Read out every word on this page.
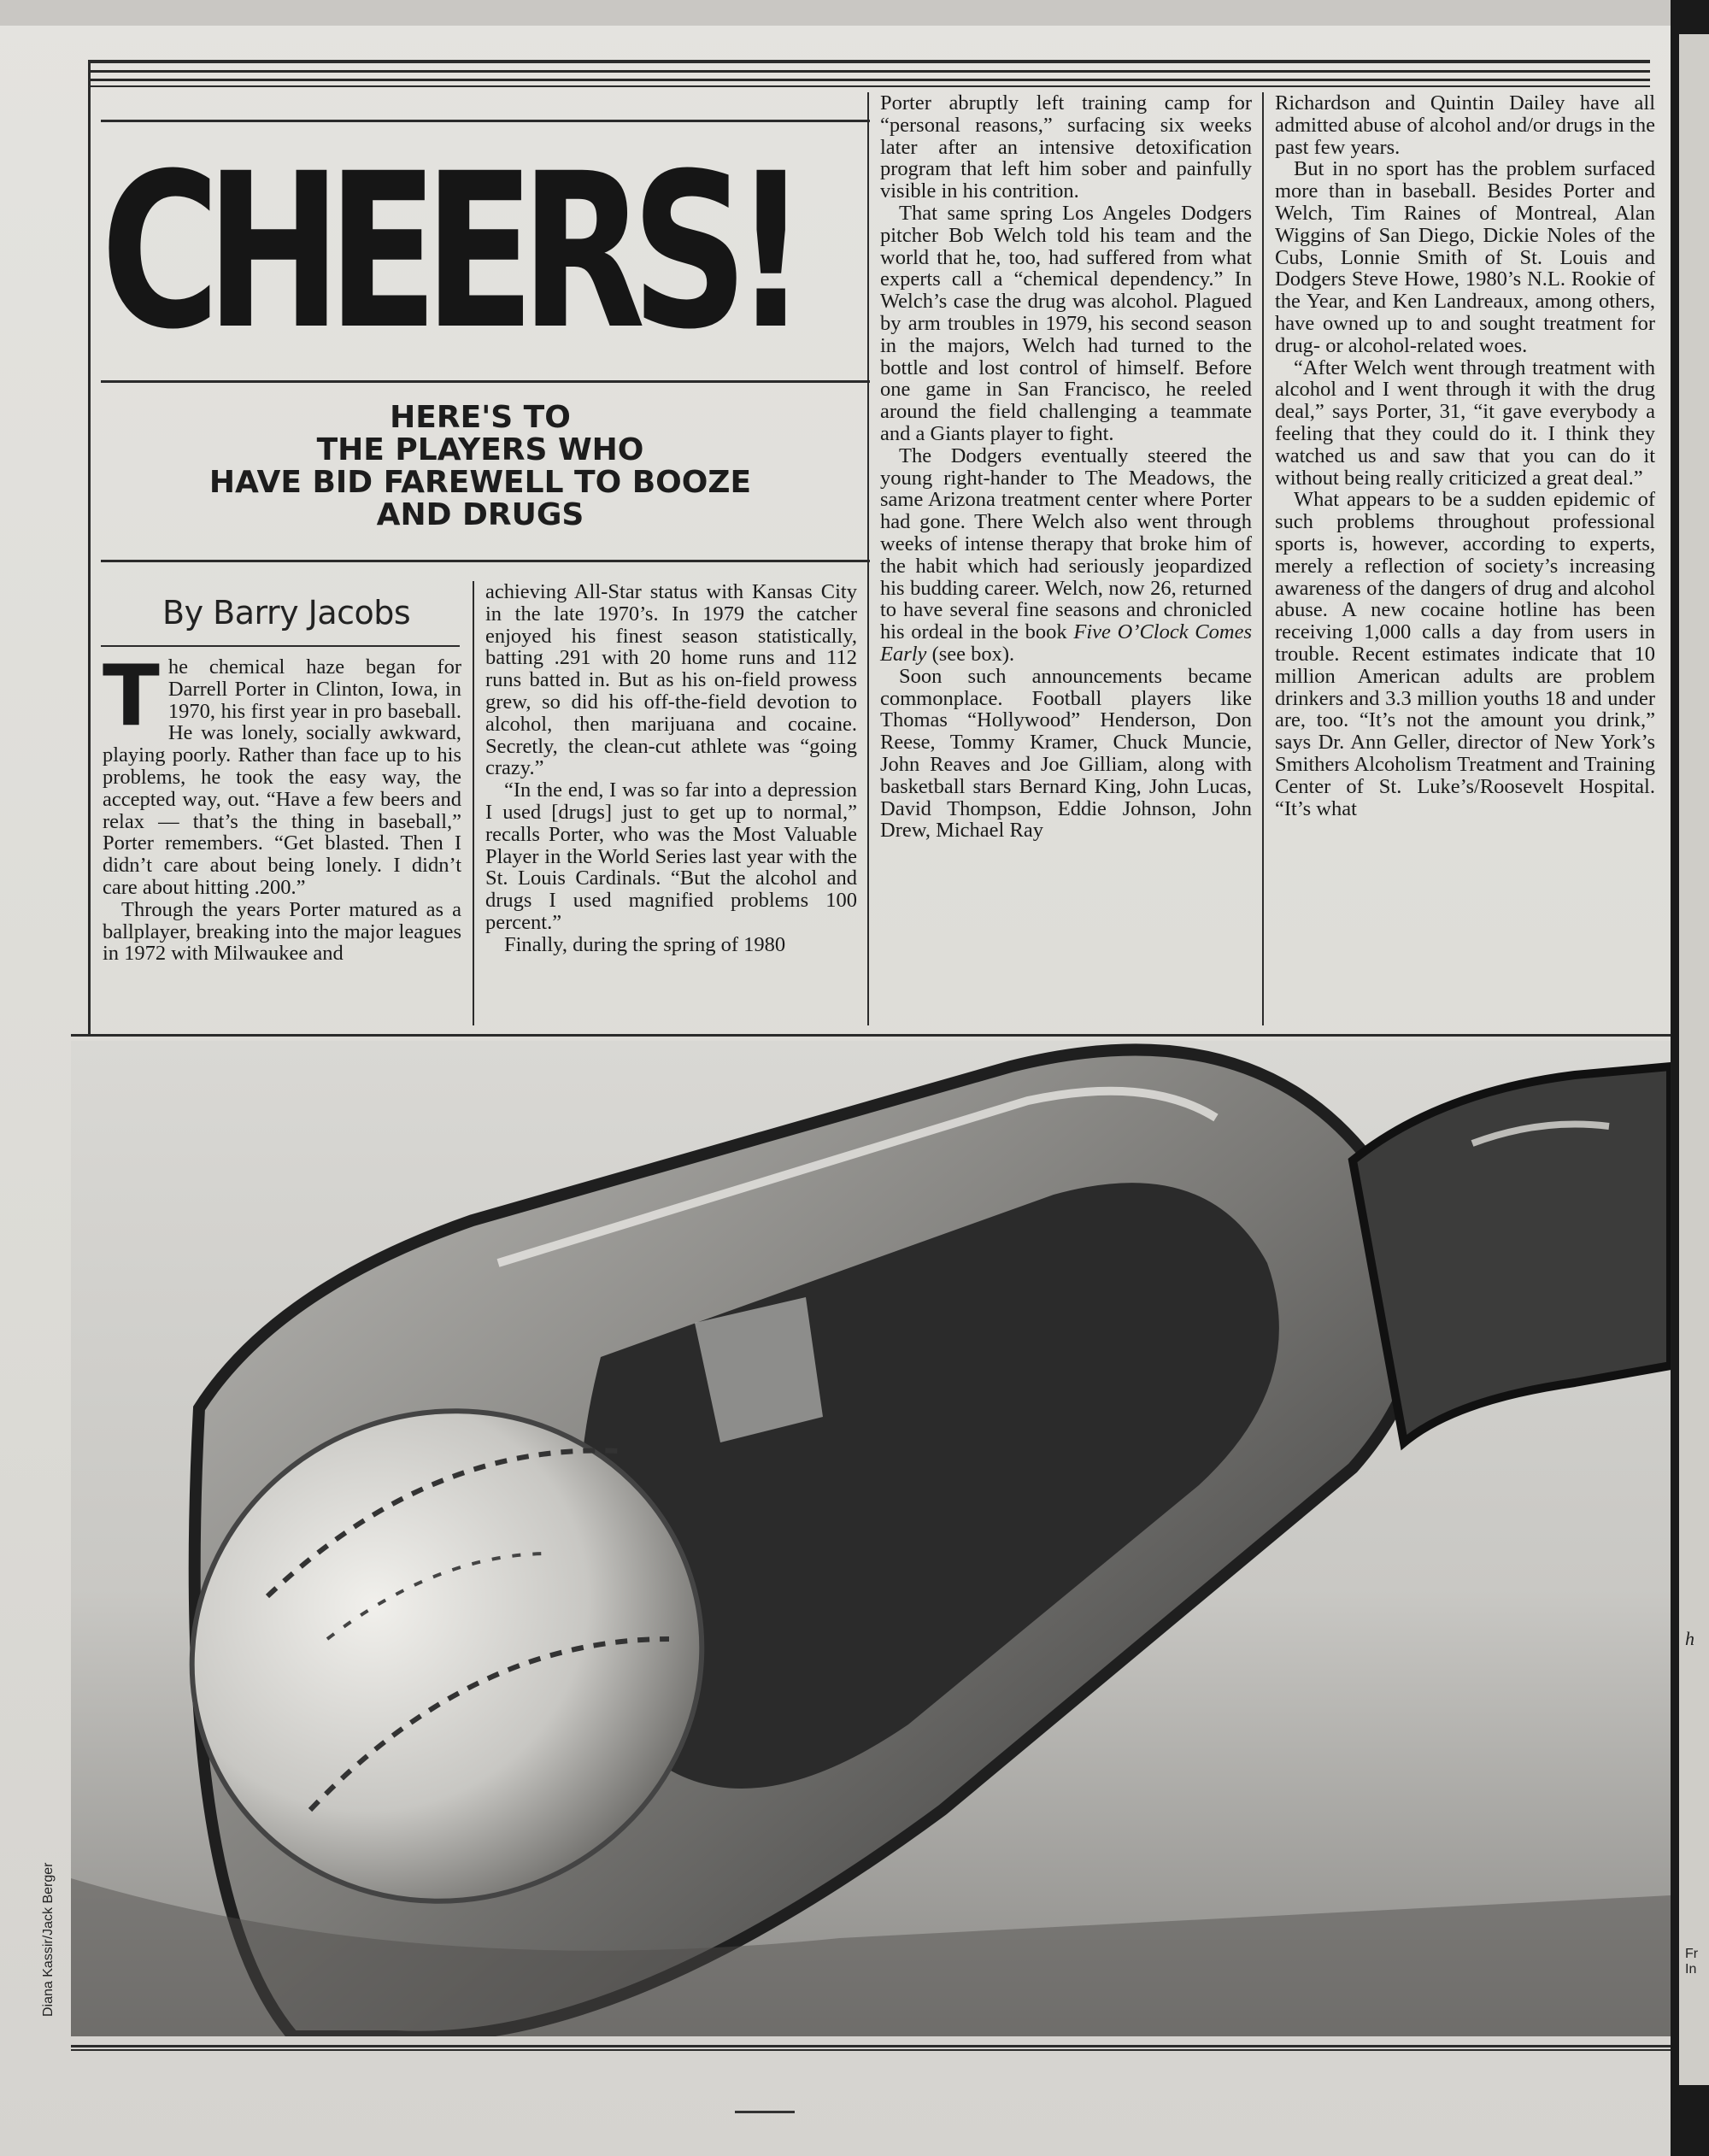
CHEERS!
HERE'S TO
THE PLAYERS WHO
HAVE BID FAREWELL TO BOOZE
AND DRUGS
By Barry Jacobs

The chemical haze began for Darrell Porter in Clinton, Iowa, in 1970, his first year in pro baseball. He was lonely, socially awkward, playing poorly. Rather than face up to his problems, he took the easy way, the accepted way, out. “Have a few beers and relax — that’s the thing in baseball,” Porter remembers. “Get blasted. Then I didn’t care about being lonely. I didn’t care about hitting .200.”

Through the years Porter matured as a ballplayer, breaking into the major leagues in 1972 with Milwaukee and

achieving All-Star status with Kansas City in the late 1970’s. In 1979 the catcher enjoyed his finest season statistically, batting .291 with 20 home runs and 112 runs batted in. But as his on-field prowess grew, so did his off-the-field devotion to alcohol, then marijuana and cocaine. Secretly, the clean-cut athlete was “going crazy.”

“In the end, I was so far into a depression I used [drugs] just to get up to normal,” recalls Porter, who was the Most Valuable Player in the World Series last year with the St. Louis Cardinals. “But the alcohol and drugs I used magnified problems 100 percent.”

Finally, during the spring of 1980

Porter abruptly left training camp for “personal reasons,” surfacing six weeks later after an intensive detoxification program that left him sober and painfully visible in his contrition.

That same spring Los Angeles Dodgers pitcher Bob Welch told his team and the world that he, too, had suffered from what experts call a “chemical dependency.” In Welch’s case the drug was alcohol. Plagued by arm troubles in 1979, his second season in the majors, Welch had turned to the bottle and lost control of himself. Before one game in San Francisco, he reeled around the field challenging a teammate and a Giants player to fight.

The Dodgers eventually steered the young right-hander to The Meadows, the same Arizona treatment center where Porter had gone. There Welch also went through weeks of intense therapy that broke him of the habit which had seriously jeopardized his budding career. Welch, now 26, returned to have several fine seasons and chronicled his ordeal in the book Five O’Clock Comes Early (see box).

Soon such announcements became commonplace. Football players like Thomas “Hollywood” Henderson, Don Reese, Tommy Kramer, Chuck Muncie, John Reaves and Joe Gilliam, along with basketball stars Bernard King, John Lucas, David Thompson, Eddie Johnson, John Drew, Michael Ray

Richardson and Quintin Dailey have all admitted abuse of alcohol and/or drugs in the past few years.

But in no sport has the problem surfaced more than in baseball. Besides Porter and Welch, Tim Raines of Montreal, Alan Wiggins of San Diego, Dickie Noles of the Cubs, Lonnie Smith of St. Louis and Dodgers Steve Howe, 1980’s N.L. Rookie of the Year, and Ken Landreaux, among others, have owned up to and sought treatment for drug- or alcohol-related woes.

“After Welch went through treatment with alcohol and I went through it with the drug deal,” says Porter, 31, “it gave everybody a feeling that they could do it. I think they watched us and saw that you can do it without being really criticized a great deal.”

What appears to be a sudden epidemic of such problems throughout professional sports is, however, according to experts, merely a reflection of society’s increasing awareness of the dangers of drug and alcohol abuse. A new cocaine hotline has been receiving 1,000 calls a day from users in trouble. Recent estimates indicate that 10 million American adults are problem drinkers and 3.3 million youths 18 and under are, too. “It’s not the amount you drink,” says Dr. Ann Geller, director of New York’s Smithers Alcoholism Treatment and Training Center of St. Luke’s/Roosevelt Hospital. “It’s what

Diana Kassir/Jack Berger
h
Fr
In
